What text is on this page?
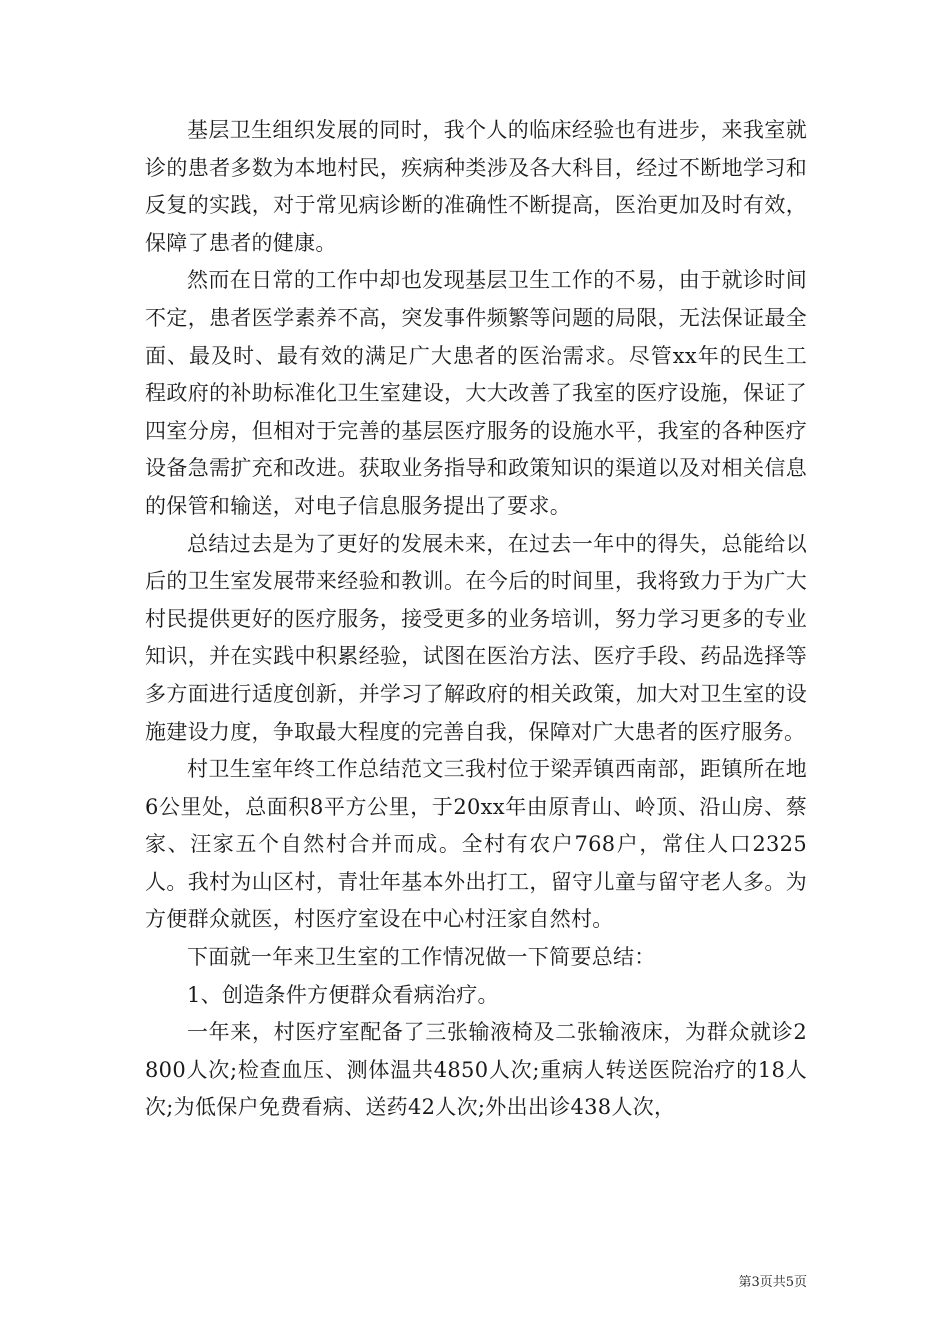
基层卫生组织发展的同时，我个人的临床经验也有进步，来我室就诊的患者多数为本地村民，疾病种类涉及各大科目，经过不断地学习和反复的实践，对于常见病诊断的准确性不断提高，医治更加及时有效，保障了患者的健康。

然而在日常的工作中却也发现基层卫生工作的不易，由于就诊时间不定，患者医学素养不高，突发事件频繁等问题的局限，无法保证最全面、最及时、最有效的满足广大患者的医治需求。尽管xx年的民生工程政府的补助标准化卫生室建设，大大改善了我室的医疗设施，保证了四室分房，但相对于完善的基层医疗服务的设施水平，我室的各种医疗设备急需扩充和改进。获取业务指导和政策知识的渠道以及对相关信息的保管和输送，对电子信息服务提出了要求。

总结过去是为了更好的发展未来，在过去一年中的得失，总能给以后的卫生室发展带来经验和教训。在今后的时间里，我将致力于为广大村民提供更好的医疗服务，接受更多的业务培训，努力学习更多的专业知识，并在实践中积累经验，试图在医治方法、医疗手段、药品选择等多方面进行适度创新，并学习了解政府的相关政策，加大对卫生室的设施建设力度，争取最大程度的完善自我，保障对广大患者的医疗服务。

村卫生室年终工作总结范文三我村位于梁弄镇西南部，距镇所在地6公里处，总面积8平方公里，于20xx年由原青山、岭顶、沿山房、蔡家、汪家五个自然村合并而成。全村有农户768户，常住人口2325人。我村为山区村，青壮年基本外出打工，留守儿童与留守老人多。为方便群众就医，村医疗室设在中心村汪家自然村。

下面就一年来卫生室的工作情况做一下简要总结：

1、创造条件方便群众看病治疗。

一年来，村医疗室配备了三张输液椅及二张输液床，为群众就诊2800人次;检查血压、测体温共4850人次;重病人转送医院治疗的18人次;为低保户免费看病、送药42人次;外出出诊438人次，

第3页共5页
